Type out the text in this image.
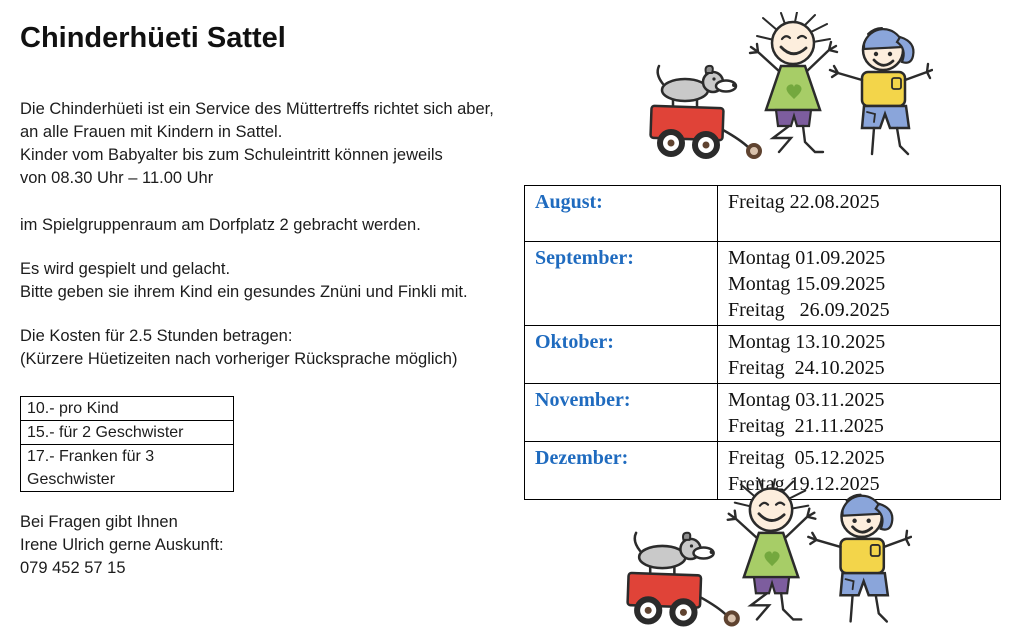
Chinderhüeti Sattel
Die Chinderhüeti ist ein Service des Müttertreffs richtet sich aber,
an alle Frauen mit Kindern in Sattel.
Kinder vom Babyalter bis zum Schuleintritt können jeweils
von 08.30 Uhr – 11.00 Uhr
im Spielgruppenraum am Dorfplatz 2 gebracht werden.
Es wird gespielt und gelacht.
Bitte geben sie ihrem Kind ein gesundes Znüni und Finkli mit.
Die Kosten für 2.5 Stunden betragen:
(Kürzere Hüetizeiten nach vorheriger Rücksprache möglich)
10.- pro Kind

15.- für 2 Geschwister

17.- Franken für 3
Geschwister
Bei Fragen gibt Ihnen
Irene Ulrich gerne Auskunft:
079 452 57 15
August:	Freitag 22.08.2025

September:	Montag 01.09.2025
Montag 15.09.2025
Freitag   26.09.2025

Oktober:	Montag 13.10.2025
Freitag  24.10.2025

November:	Montag 03.11.2025
Freitag  21.11.2025

Dezember:	Freitag  05.12.2025
Freitag 19.12.2025
